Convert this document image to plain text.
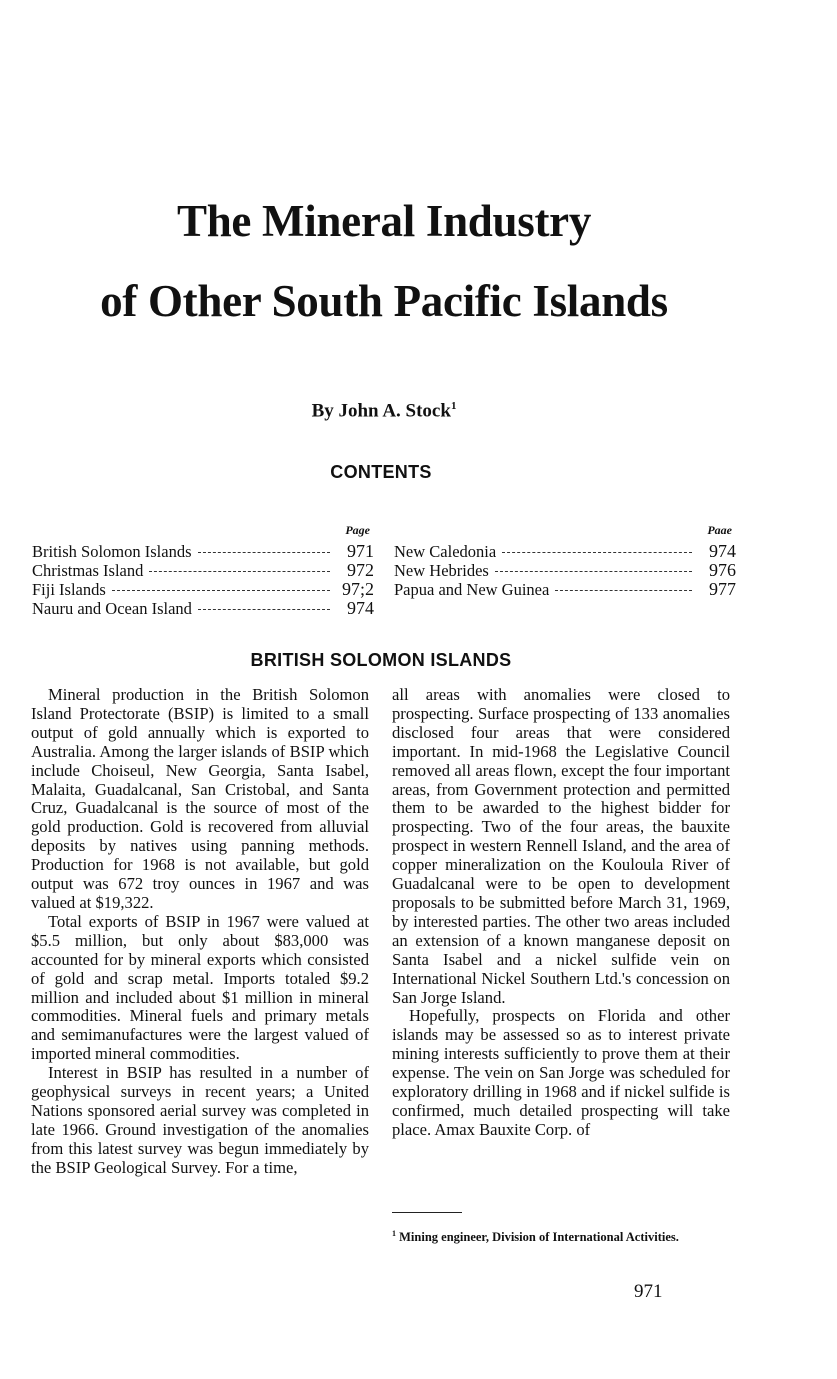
The Mineral Industry
of Other South Pacific Islands
By John A. Stock$^1$
CONTENTS
Page
British Solomon Islands	971
Christmas Island	972
Fiji Islands	97;2
Nauru and Ocean Island	974
Paae
New Caledonia	974
New Hebrides	976
Papua and New Guinea	977
BRITISH SOLOMON ISLANDS

Mineral production in the British Solomon Island Protectorate (BSIP) is limited to a small output of gold annually which is exported to Australia. Among the larger islands of BSIP which include Choiseul, New Georgia, Santa Isabel, Malaita, Guadalcanal, San Cristobal, and Santa Cruz, Guadalcanal is the source of most of the gold production. Gold is recovered from alluvial deposits by natives using panning methods. Production for 1968 is not available, but gold output was 672 troy ounces in 1967 and was valued at $19,322.

Total exports of BSIP in 1967 were valued at $5.5 million, but only about $83,000 was accounted for by mineral exports which consisted of gold and scrap metal. Imports totaled $9.2 million and included about $1 million in mineral commodities. Mineral fuels and primary metals and semimanufactures were the largest valued of imported mineral commodities.

Interest in BSIP has resulted in a number of geophysical surveys in recent years; a United Nations sponsored aerial survey was completed in late 1966. Ground investigation of the anomalies from this latest survey was begun immediately by the BSIP Geological Survey. For a time,

all areas with anomalies were closed to prospecting. Surface prospecting of 133 anomalies disclosed four areas that were considered important. In mid-1968 the Legislative Council removed all areas flown, except the four important areas, from Government protection and permitted them to be awarded to the highest bidder for prospecting. Two of the four areas, the bauxite prospect in western Rennell Island, and the area of copper mineralization on the Kouloula River of Guadalcanal were to be open to development proposals to be submitted before March 31, 1969, by interested parties. The other two areas included an extension of a known manganese deposit on Santa Isabel and a nickel sulfide vein on International Nickel Southern Ltd.'s concession on San Jorge Island.

Hopefully, prospects on Florida and other islands may be assessed so as to interest private mining interests sufficiently to prove them at their expense. The vein on San Jorge was scheduled for exploratory drilling in 1968 and if nickel sulfide is confirmed, much detailed prospecting will take place. Amax Bauxite Corp. of

$^1$ Mining engineer, Division of International Activities.
971
